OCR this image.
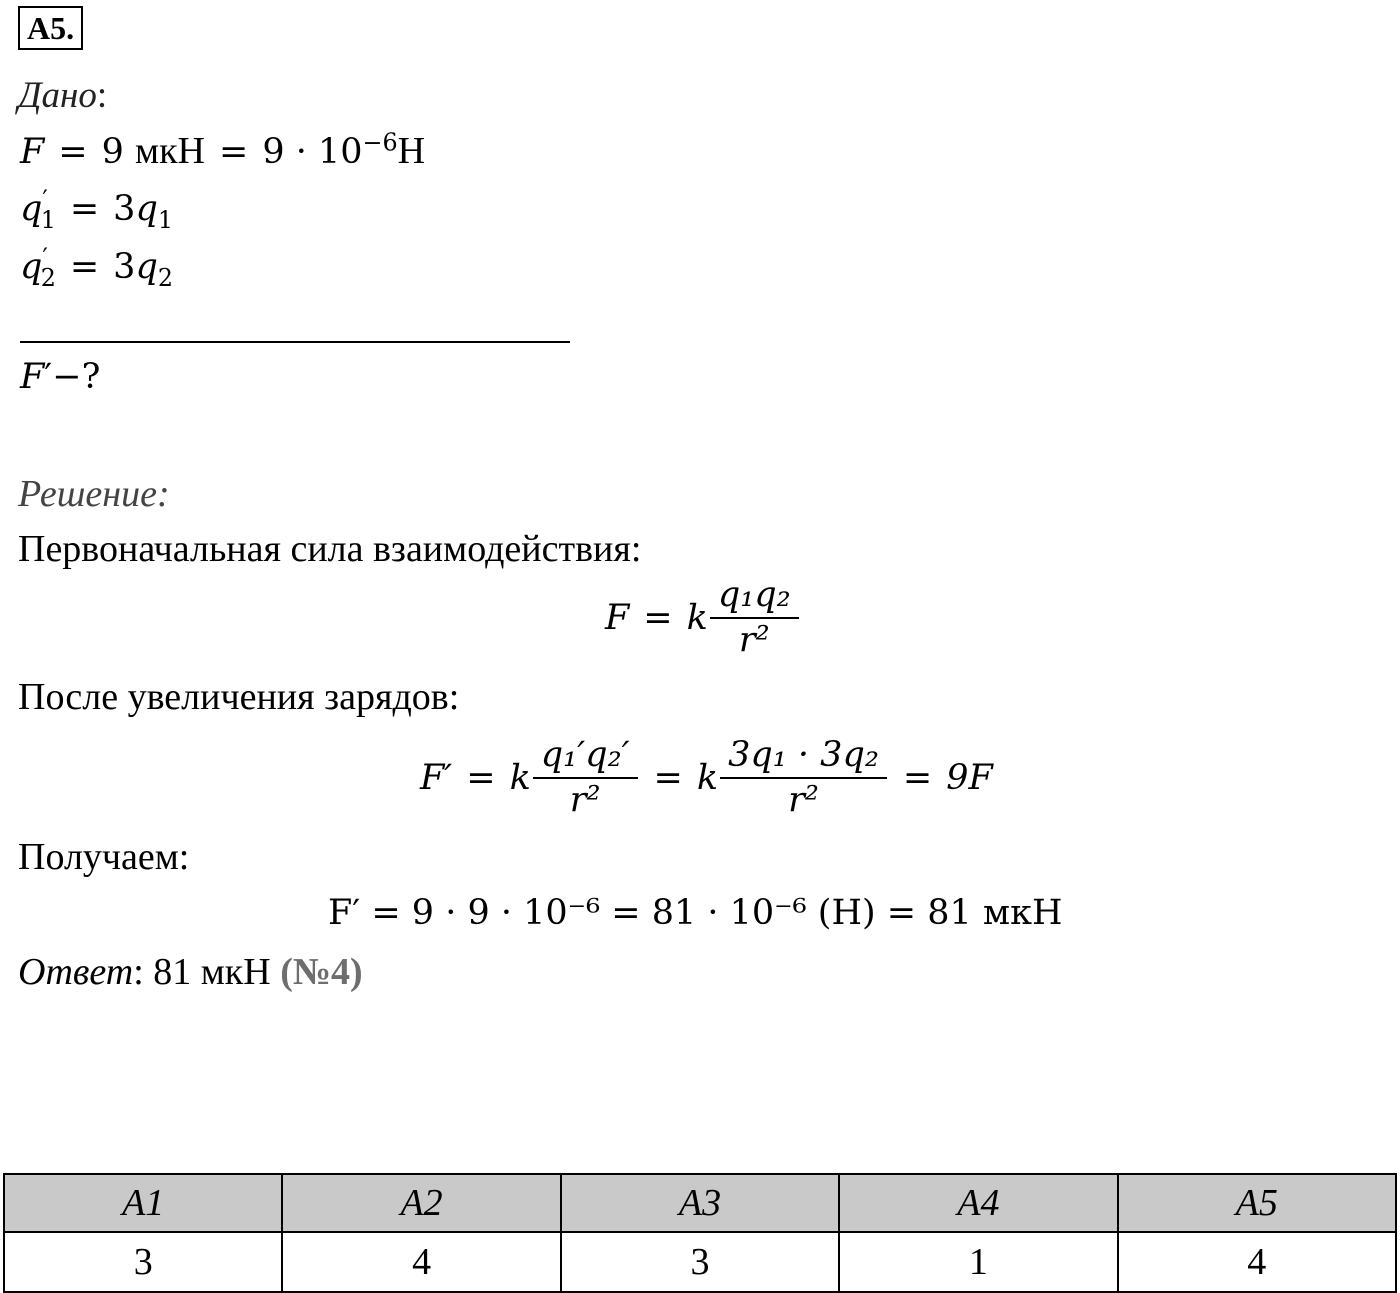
A5.
Дано:
F = 9 мкН = $9 \cdot 10^{-6}Н$
$q'_1 = 3q_1$
$q'_2 = 3q_2$
F′−?
Решение:
Первоначальная сила взаимодействия:
F = k $\frac{\text{q₁q₂}}{\text{r²}}$
После увеличения зарядов:
F′ = k $\frac{\text{q₁′q₂′}}{\text{r²}} = k \frac{\text{3q₁ · 3q₂}}{\text{r²}} = 9F$
Получаем:
F′ = 9 · 9 · 10⁻⁶ = 81 · 10⁻⁶ (Н) = 81 мкН
Ответ: 81 мкН (№4)
A1	A2	A3	A4	A5
3	4	3	1	4
